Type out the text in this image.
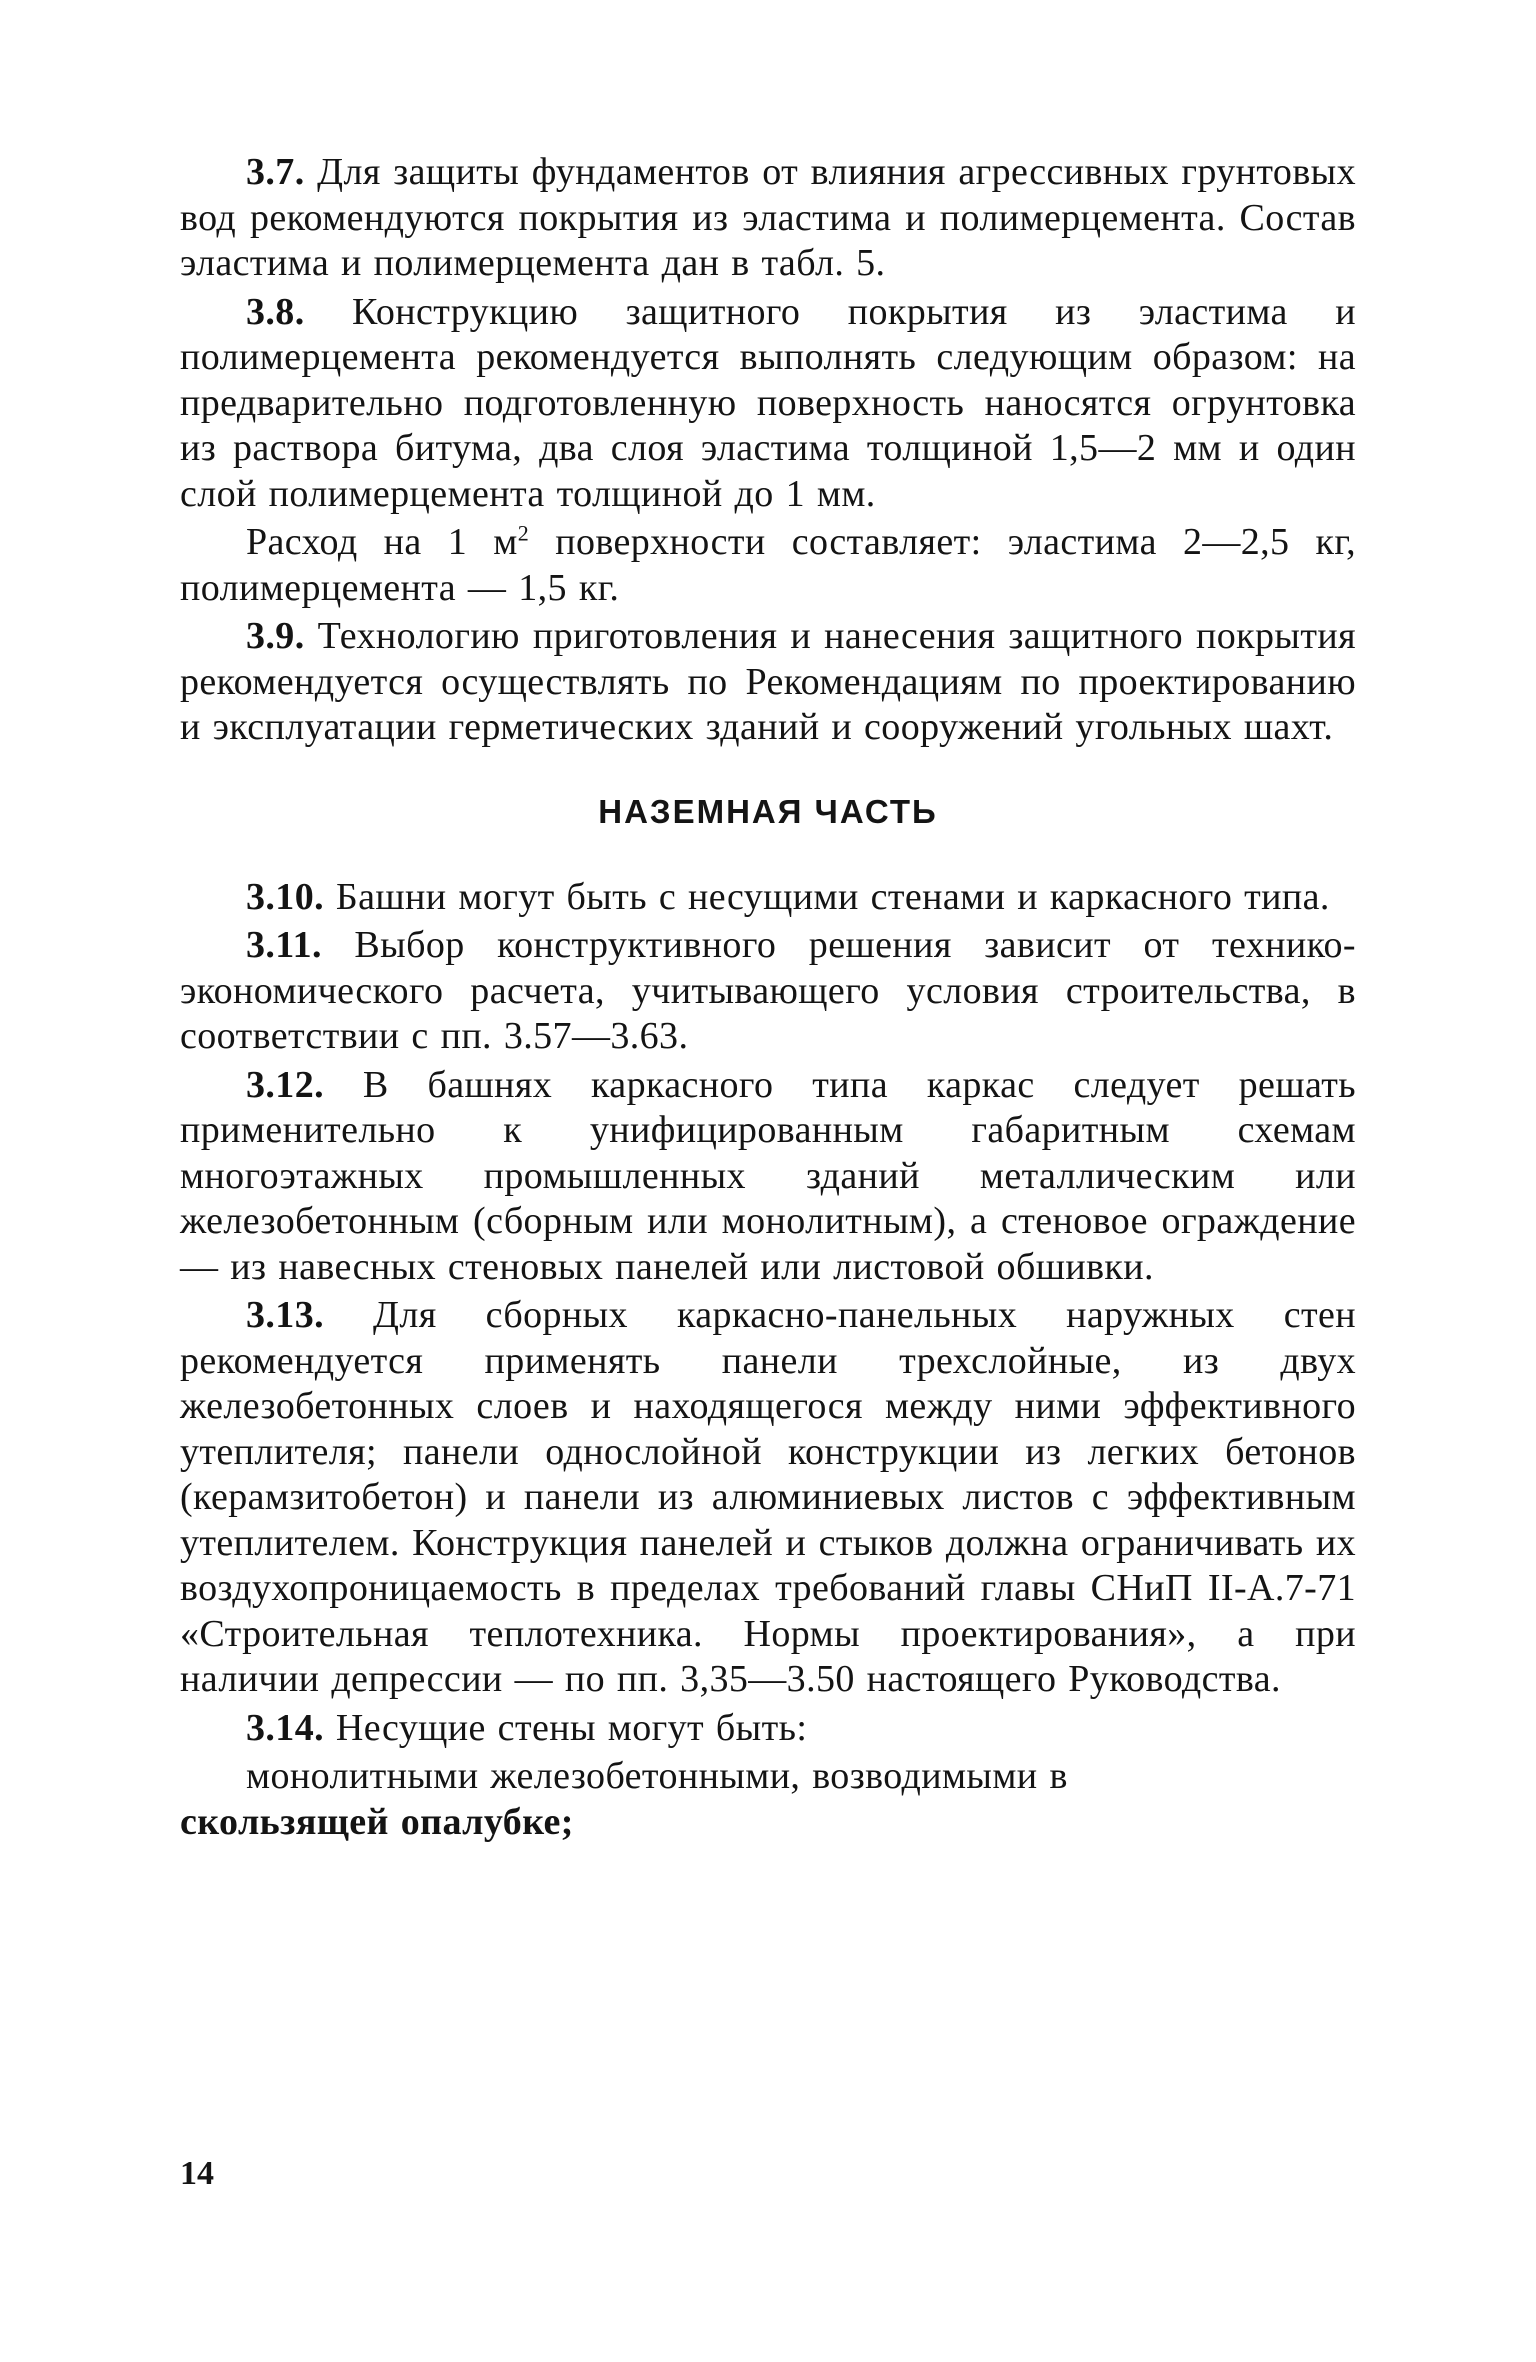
3.7. Для защиты фундаментов от влияния агрессивных грунтовых вод рекомендуются покрытия из эластима и полимерцемента. Состав эластима и полимерцемента дан в табл. 5.

3.8. Конструкцию защитного покрытия из эластима и полимерцемента рекомендуется выполнять следующим образом: на предварительно подготовленную поверхность наносятся огрунтовка из раствора битума, два слоя эластима толщиной 1,5—2 мм и один слой полимерцемента толщиной до 1 мм.

Расход на 1 $м^2$ поверхности составляет: эластима 2—2,5 кг, полимерцемента — 1,5 кг.

3.9. Технологию приготовления и нанесения защитного покрытия рекомендуется осуществлять по Рекомендациям по проектированию и эксплуатации герметических зданий и сооружений угольных шахт.

НАЗЕМНАЯ ЧАСТЬ

3.10. Башни могут быть с несущими стенами и каркасного типа.

3.11. Выбор конструктивного решения зависит от технико-экономического расчета, учитывающего условия строительства, в соответствии с пп. 3.57—3.63.

3.12. В башнях каркасного типа каркас следует решать применительно к унифицированным габаритным схемам многоэтажных промышленных зданий металлическим или железобетонным (сборным или монолитным), а стеновое ограждение — из навесных стеновых панелей или листовой обшивки.

3.13. Для сборных каркасно-панельных наружных стен рекомендуется применять панели трехслойные, из двух железобетонных слоев и находящегося между ними эффективного утеплителя; панели однослойной конструкции из легких бетонов (керамзитобетон) и панели из алюминиевых листов с эффективным утеплителем. Конструкция панелей и стыков должна ограничивать их воздухопроницаемость в пределах требований главы СНиП II-А.7-71 «Строительная теплотехника. Нормы проектирования», а при наличии депрессии — по пп. 3,35—3.50 настоящего Руководства.

3.14. Несущие стены могут быть:

монолитными железобетонными, возводимыми в
скользящей опалубке;

14
